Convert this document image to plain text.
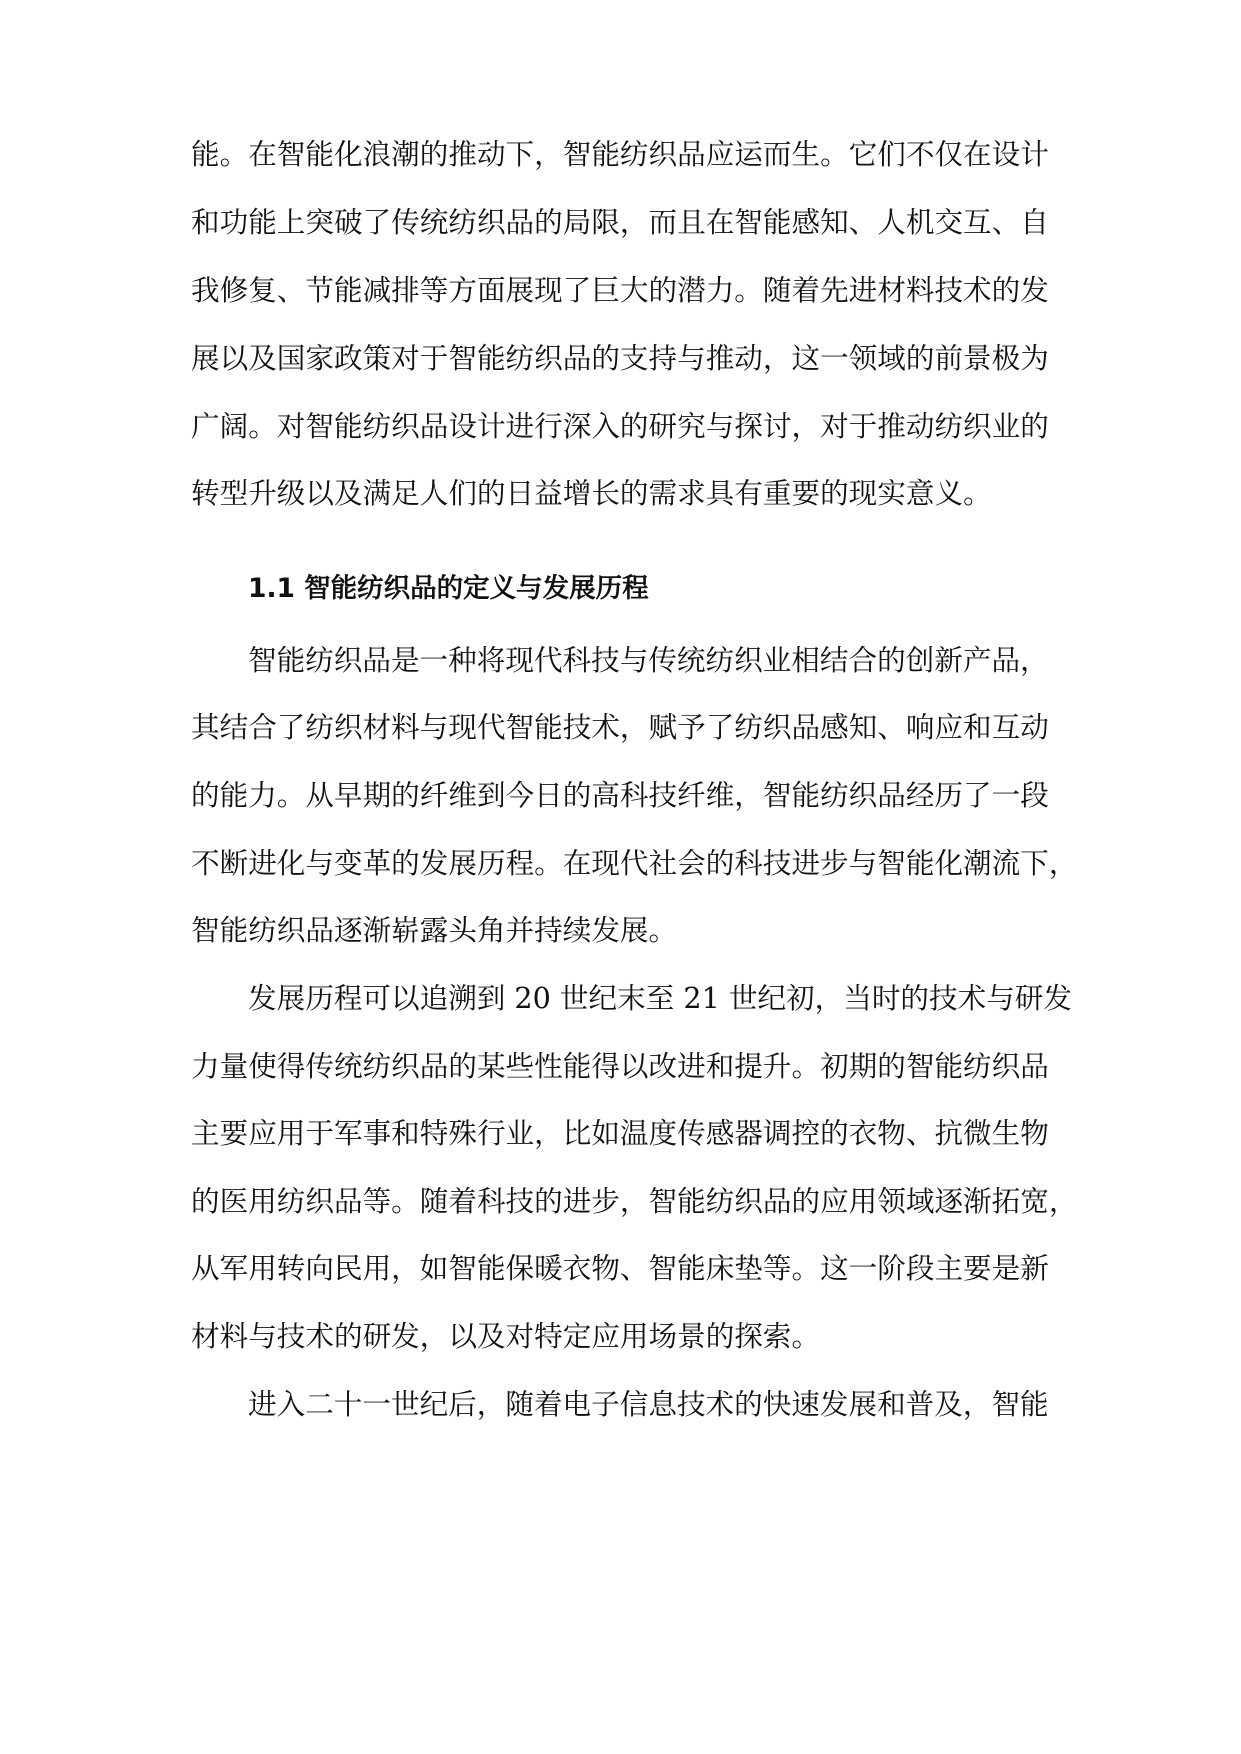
能。在智能化浪潮的推动下，智能纺织品应运而生。它们不仅在设计
和功能上突破了传统纺织品的局限，而且在智能感知、人机交互、自
我修复、节能减排等方面展现了巨大的潜力。随着先进材料技术的发
展以及国家政策对于智能纺织品的支持与推动，这一领域的前景极为
广阔。对智能纺织品设计进行深入的研究与探讨，对于推动纺织业的
转型升级以及满足人们的日益增长的需求具有重要的现实意义。
1.1 智能纺织品的定义与发展历程
智能纺织品是一种将现代科技与传统纺织业相结合的创新产品，
其结合了纺织材料与现代智能技术，赋予了纺织品感知、响应和互动
的能力。从早期的纤维到今日的高科技纤维，智能纺织品经历了一段
不断进化与变革的发展历程。在现代社会的科技进步与智能化潮流下，
智能纺织品逐渐崭露头角并持续发展。
发展历程可以追溯到 20 世纪末至 21 世纪初，当时的技术与研发
力量使得传统纺织品的某些性能得以改进和提升。初期的智能纺织品
主要应用于军事和特殊行业，比如温度传感器调控的衣物、抗微生物
的医用纺织品等。随着科技的进步，智能纺织品的应用领域逐渐拓宽，
从军用转向民用，如智能保暖衣物、智能床垫等。这一阶段主要是新
材料与技术的研发，以及对特定应用场景的探索。
进入二十一世纪后，随着电子信息技术的快速发展和普及，智能
